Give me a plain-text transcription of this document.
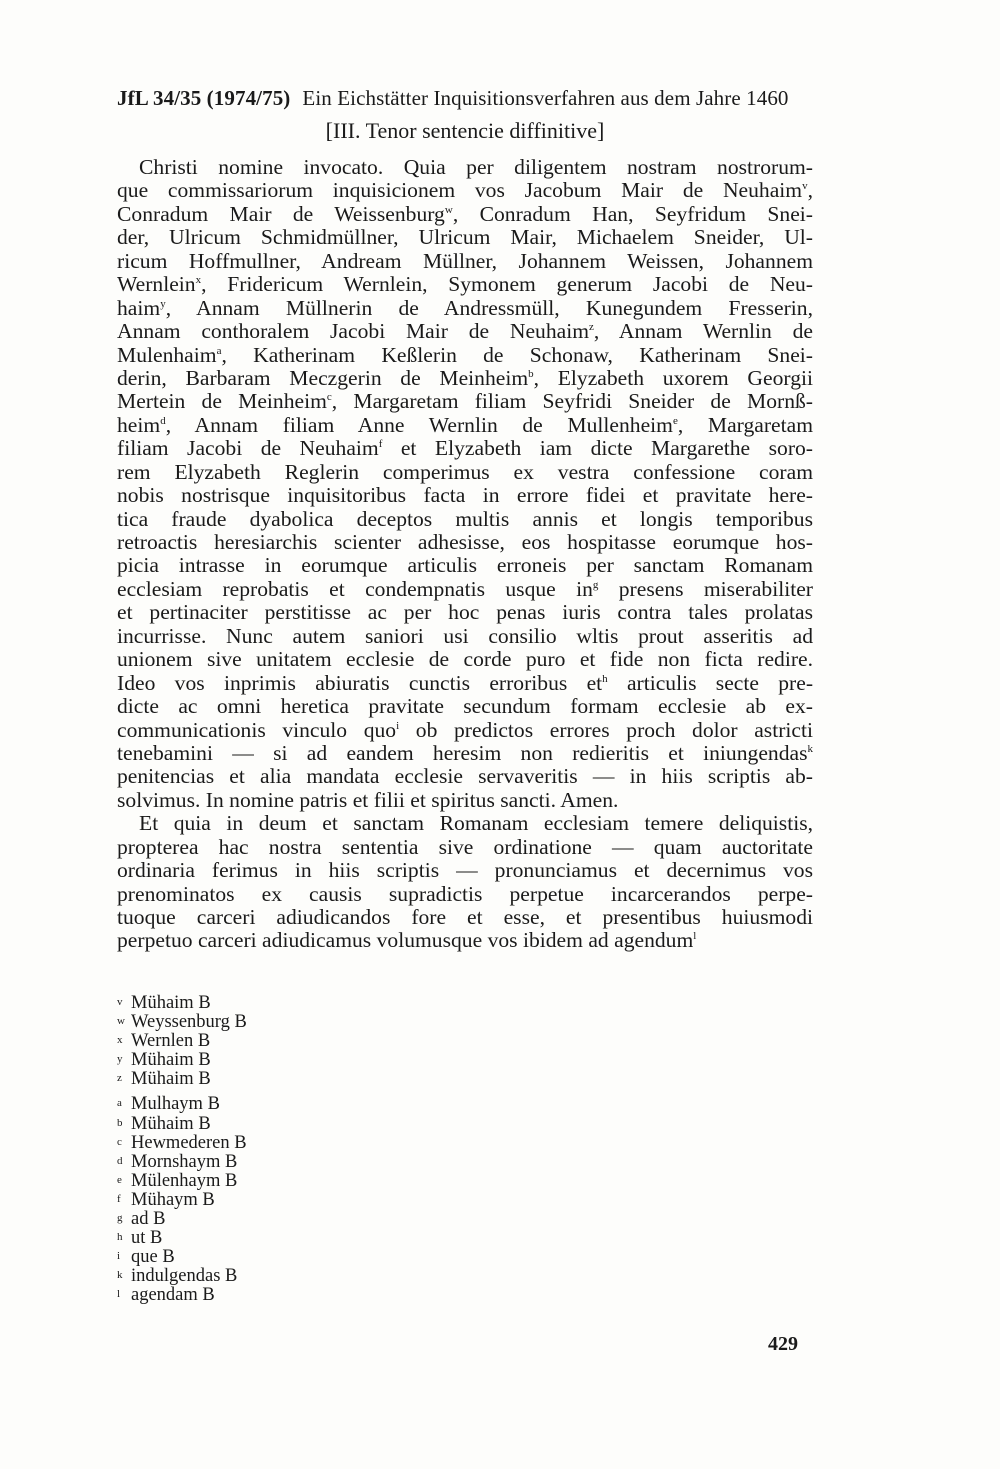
JfL 34/35 (1974/75) Ein Eichstätter Inquisitionsverfahren aus dem Jahre 1460
[III. Tenor sentencie diffinitive]
Christi nomine invocato. Quia per diligentem nostram nostrorum-
que commissariorum inquisicionem vos Jacobum Mair de Neuhaim$^v$,
Conradum Mair de Weissenburg$^w$, Conradum Han, Seyfridum Snei-
der, Ulricum Schmidmüllner, Ulricum Mair, Michaelem Sneider, Ul-
ricum Hoffmullner, Andream Müllner, Johannem Weissen, Johannem
Wernlein$^x$, Fridericum Wernlein, Symonem generum Jacobi de Neu-
haim$^y$, Annam Müllnerin de Andressmüll, Kunegundem Fresserin,
Annam conthoralem Jacobi Mair de Neuhaim$^z$, Annam Wernlin de
Mulenhaim$^a$, Katherinam Keßlerin de Schonaw, Katherinam Snei-
derin, Barbaram Meczgerin de Meinheim$^b$, Elyzabeth uxorem Georgii
Mertein de Meinheim$^c$, Margaretam filiam Seyfridi Sneider de Mornß-
heim$^d$, Annam filiam Anne Wernlin de Mullenheim$^e$, Margaretam
filiam Jacobi de Neuhaim$^f$ et Elyzabeth iam dicte Margarethe soro-
rem Elyzabeth Reglerin comperimus ex vestra confessione coram
nobis nostrisque inquisitoribus facta in errore fidei et pravitate here-
tica fraude dyabolica deceptos multis annis et longis temporibus
retroactis heresiarchis scienter adhesisse, eos hospitasse eorumque hos-
picia intrasse in eorumque articulis erroneis per sanctam Romanam
ecclesiam reprobatis et condempnatis usque in$^g$ presens miserabiliter
et pertinaciter perstitisse ac per hoc penas iuris contra tales prolatas
incurrisse. Nunc autem saniori usi consilio wltis prout asseritis ad
unionem sive unitatem ecclesie de corde puro et fide non ficta redire.
Ideo vos inprimis abiuratis cunctis erroribus et$^h$ articulis secte pre-
dicte ac omni heretica pravitate secundum formam ecclesie ab ex-
communicationis vinculo quo$^i$ ob predictos errores proch dolor astricti
tenebamini — si ad eandem heresim non redieritis et iniungendas$^k$
penitencias et alia mandata ecclesie servaveritis — in hiis scriptis ab-
solvimus. In nomine patris et filii et spiritus sancti. Amen.
Et quia in deum et sanctam Romanam ecclesiam temere deliquistis,
propterea hac nostra sententia sive ordinatione — quam auctoritate
ordinaria ferimus in hiis scriptis — pronunciamus et decernimus vos
prenominatos ex causis supradictis perpetue incarcerandos perpe-
tuoque carceri adiudicandos fore et esse, et presentibus huiusmodi
perpetuo carceri adiudicamus volumusque vos ibidem ad agendum$^l$
v Mühaim B
w Weyssenburg B
x Wernlen B
y Mühaim B
z Mühaim B
a Mulhaym B
b Mühaim B
c Hewmederen B
d Mornshaym B
e Mülenhaym B
f Mühaym B
g ad B
h ut B
i que B
k indulgendas B
l agendam B
429
